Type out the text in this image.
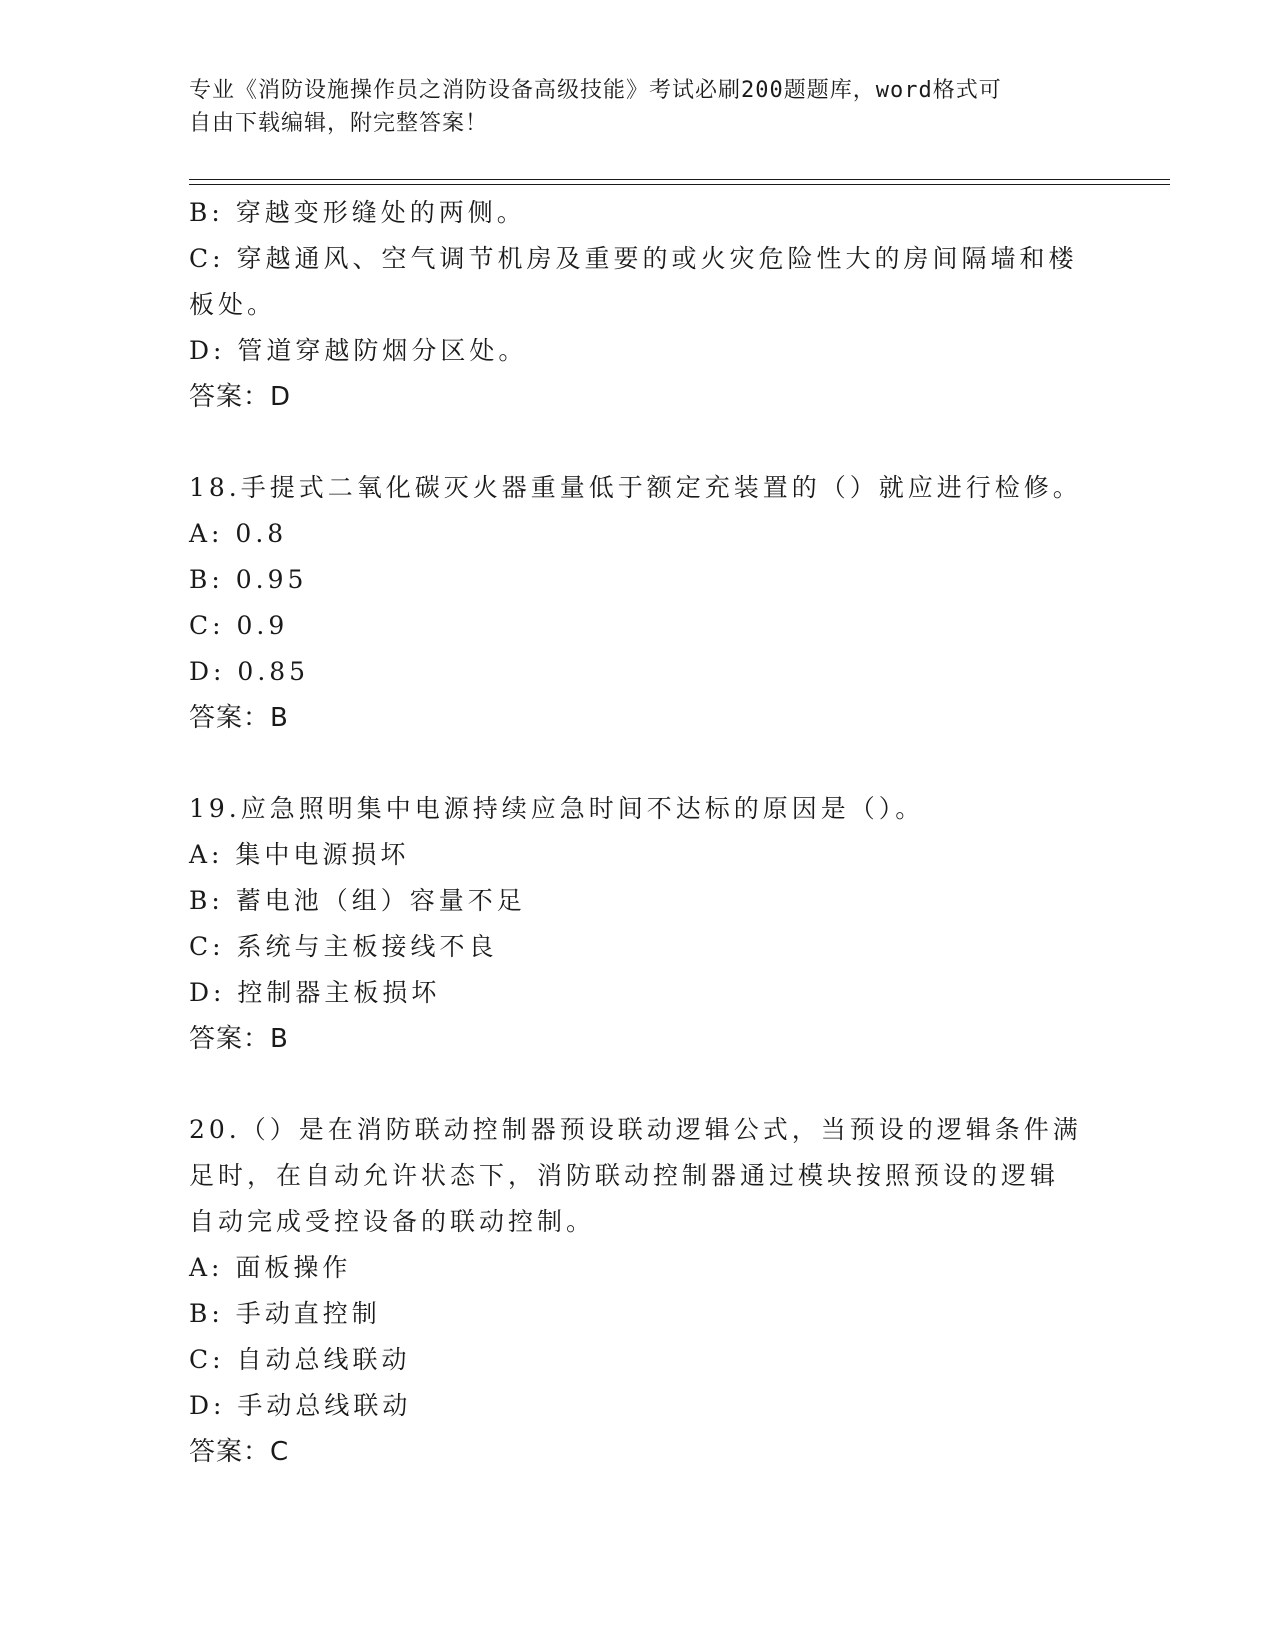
专业《消防设施操作员之消防设备高级技能》考试必刷200题题库，word格式可
自由下载编辑，附完整答案！
B: 穿越变形缝处的两侧。
C: 穿越通风、空气调节机房及重要的或火灾危险性大的房间隔墙和楼
板处。
D: 管道穿越防烟分区处。
答案：D
18.手提式二氧化碳灭火器重量低于额定充装置的（）就应进行检修。
A: 0.8
B: 0.95
C: 0.9
D: 0.85
答案：B
19.应急照明集中电源持续应急时间不达标的原因是（）。
A: 集中电源损坏
B: 蓄电池（组）容量不足
C: 系统与主板接线不良
D: 控制器主板损坏
答案：B
20.（）是在消防联动控制器预设联动逻辑公式，当预设的逻辑条件满
足时，在自动允许状态下，消防联动控制器通过模块按照预设的逻辑
自动完成受控设备的联动控制。
A: 面板操作
B: 手动直控制
C: 自动总线联动
D: 手动总线联动
答案：C
